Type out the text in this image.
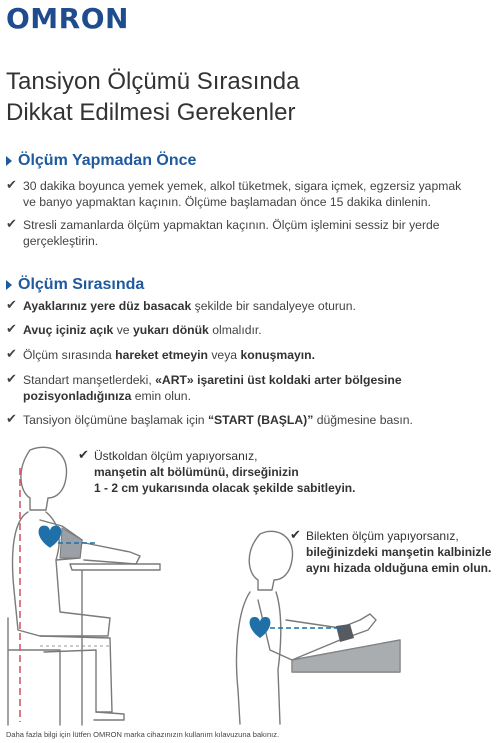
OMRON
Tansiyon Ölçümü Sırasında
Dikkat Edilmesi Gerekenler
Ölçüm Yapmadan Önce
✔ 30 dakika boyunca yemek yemek, alkol tüketmek, sigara içmek, egzersiz yapmak
ve banyo yapmaktan kaçının. Ölçüme başlamadan önce 15 dakika dinlenin.
✔ Stresli zamanlarda ölçüm yapmaktan kaçının. Ölçüm işlemini sessiz bir yerde
gerçekleştirin.
Ölçüm Sırasında
✔ Ayaklarınız yere düz basacak şekilde bir sandalyeye oturun.
✔ Avuç içiniz açık ve yukarı dönük olmalıdır.
✔ Ölçüm sırasında hareket etmeyin veya konuşmayın.
✔ Standart manşetlerdeki, «ART» işaretini üst koldaki arter bölgesine
pozisyonladığınıza emin olun.
✔ Tansiyon ölçümüne başlamak için “START (BAŞLA)” düğmesine basın.
✔ Üstkoldan ölçüm yapıyorsanız,
manşetin alt bölümünü, dirseğinizin
1 - 2 cm yukarısında olacak şekilde sabitleyin.
✔ Bilekten ölçüm yapıyorsanız,
bileğinizdeki manşetin kalbinizle
aynı hizada olduğuna emin olun.
Daha fazla bilgi için lütfen OMRON marka cihazınızın kullanım kılavuzuna bakınız.
